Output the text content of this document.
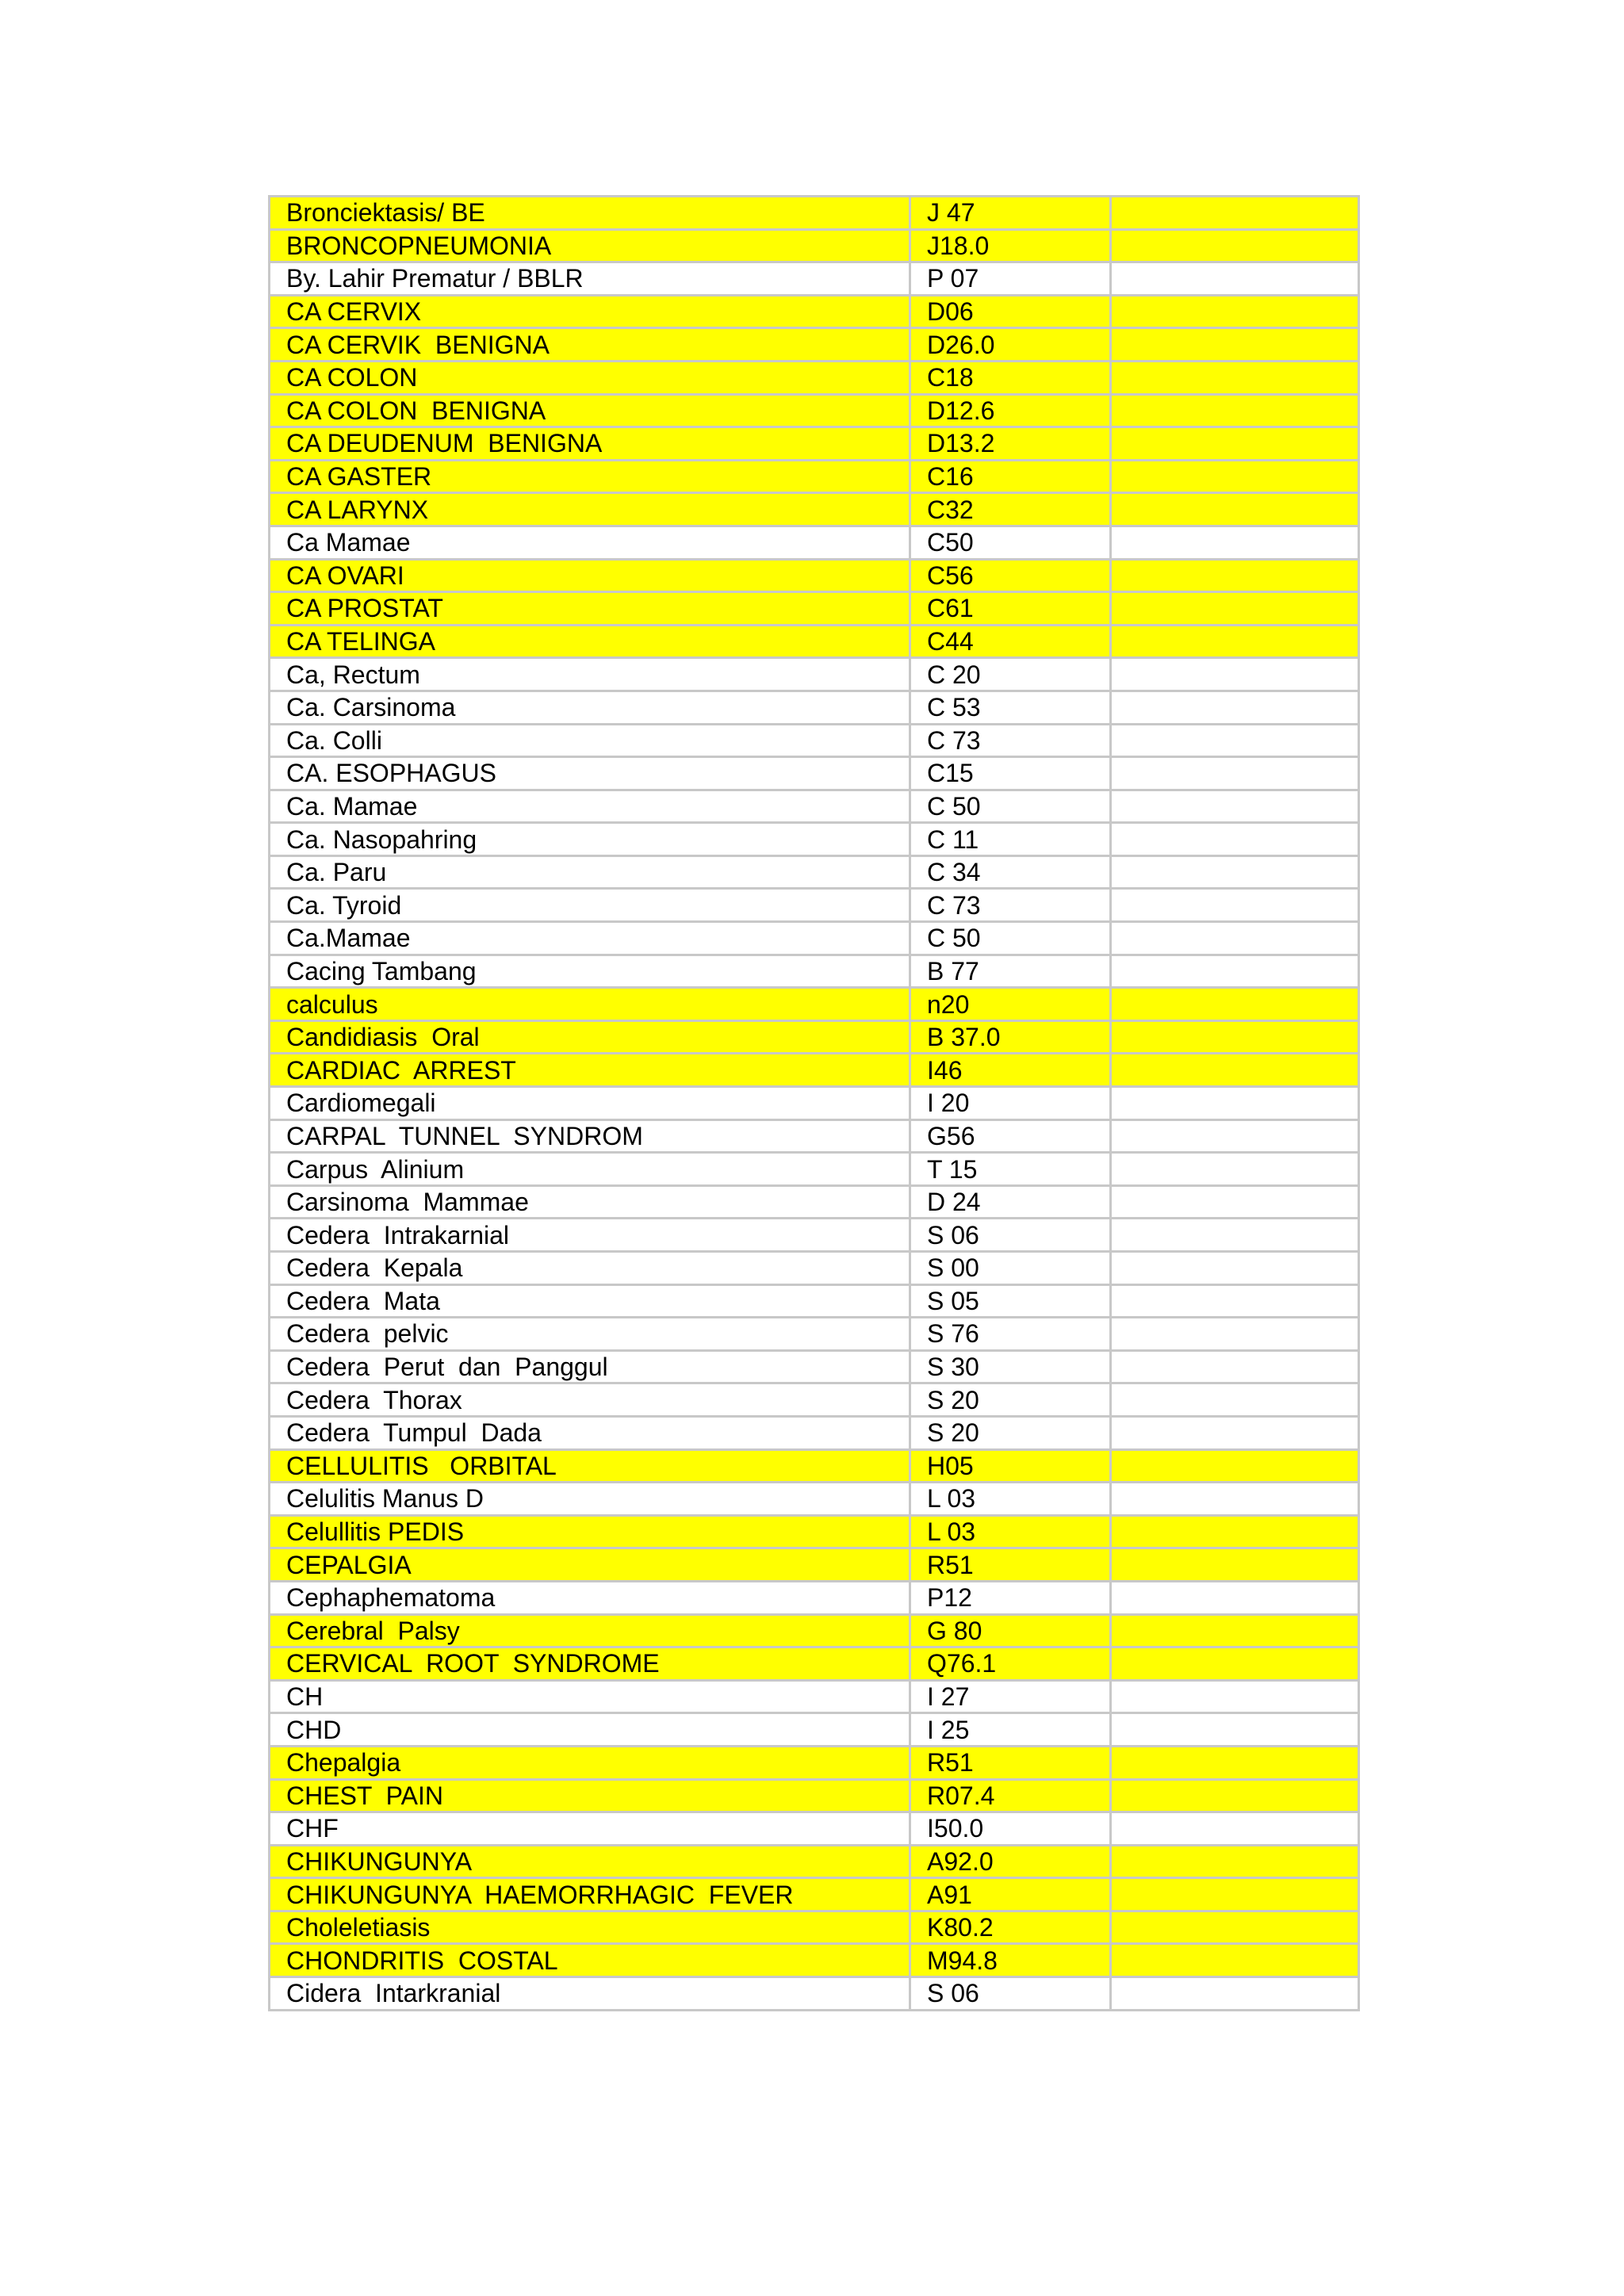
Bronciektasis/ BE	J 47	
BRONCOPNEUMONIA	J18.0	
By. Lahir Prematur / BBLR	P 07	
CA CERVIX	D06	
CA CERVIK  BENIGNA	D26.0	
CA COLON	C18	
CA COLON  BENIGNA	D12.6	
CA DEUDENUM  BENIGNA	D13.2	
CA GASTER	C16	
CA LARYNX	C32	
Ca Mamae	C50	
CA OVARI	C56	
CA PROSTAT	C61	
CA TELINGA	C44	
Ca, Rectum	C 20	
Ca. Carsinoma	C 53	
Ca. Colli	C 73	
CA. ESOPHAGUS	C15	
Ca. Mamae	C 50	
Ca. Nasopahring	C 11	
Ca. Paru	C 34	
Ca. Tyroid	C 73	
Ca.Mamae	C 50	
Cacing Tambang	B 77	
calculus	n20	
Candidiasis  Oral	B 37.0	
CARDIAC  ARREST	I46	
Cardiomegali	I 20	
CARPAL  TUNNEL  SYNDROM	G56	
Carpus  Alinium	T 15	
Carsinoma  Mammae	D 24	
Cedera  Intrakarnial	S 06	
Cedera  Kepala	S 00	
Cedera  Mata	S 05	
Cedera  pelvic	S 76	
Cedera  Perut  dan  Panggul	S 30	
Cedera  Thorax	S 20	
Cedera  Tumpul  Dada	S 20	
CELLULITIS   ORBITAL	H05	
Celulitis Manus D	L 03	
Celullitis PEDIS	L 03	
CEPALGIA	R51	
Cephaphematoma	P12	
Cerebral  Palsy	G 80	
CERVICAL  ROOT  SYNDROME	Q76.1	
CH	I 27	
CHD	I 25	
Chepalgia	R51	
CHEST  PAIN	R07.4	
CHF	I50.0	
CHIKUNGUNYA	A92.0	
CHIKUNGUNYA  HAEMORRHAGIC  FEVER	A91	
Choleletiasis	K80.2	
CHONDRITIS  COSTAL	M94.8	
Cidera  Intarkranial	S 06	
